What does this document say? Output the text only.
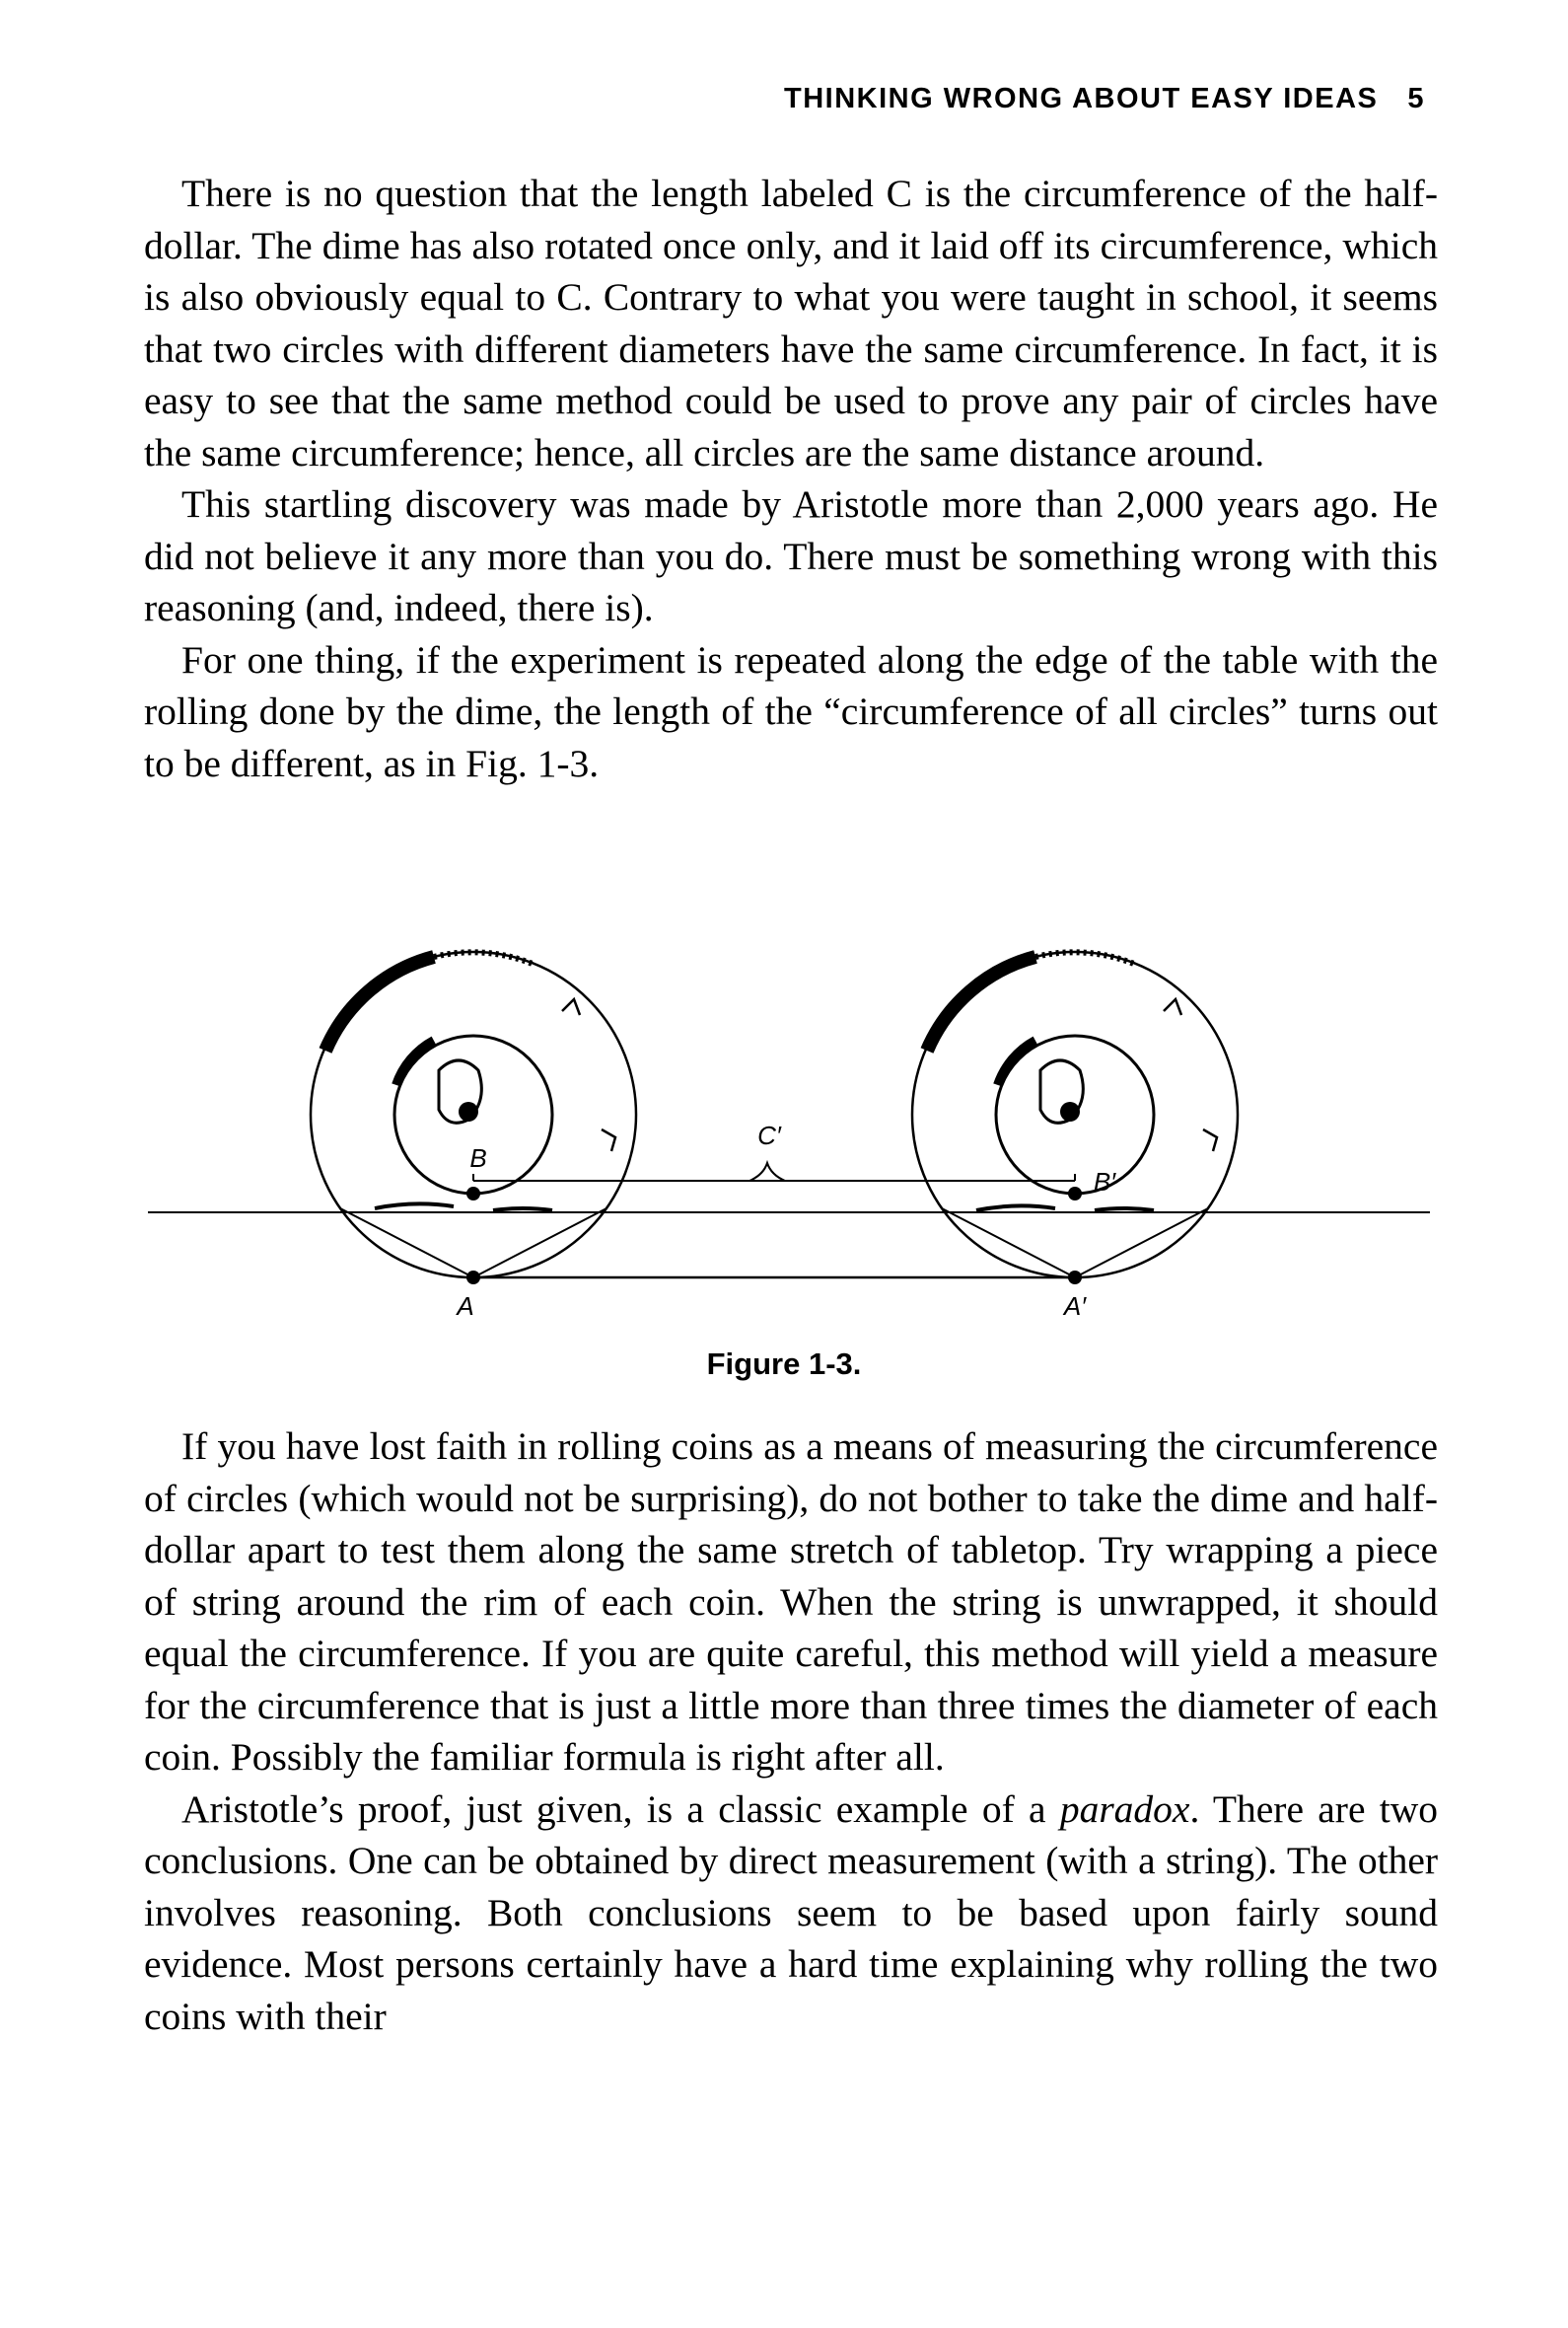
THINKING WRONG ABOUT EASY IDEAS 5

There is no question that the length labeled C is the circumference of the half-dollar. The dime has also rotated once only, and it laid off its circumference, which is also obviously equal to C. Contrary to what you were taught in school, it seems that two circles with different diameters have the same circumference. In fact, it is easy to see that the same method could be used to prove any pair of circles have the same circumference; hence, all circles are the same distance around.

This startling discovery was made by Aristotle more than 2,000 years ago. He did not believe it any more than you do. There must be something wrong with this reasoning (and, indeed, there is).

For one thing, if the experiment is repeated along the edge of the table with the rolling done by the dime, the length of the “circumference of all circles” turns out to be different, as in Fig. 1-3.

C′
A	A′
B
B′
Figure 1-3.

If you have lost faith in rolling coins as a means of measuring the circumference of circles (which would not be surprising), do not bother to take the dime and half-dollar apart to test them along the same stretch of tabletop. Try wrapping a piece of string around the rim of each coin. When the string is unwrapped, it should equal the circumference. If you are quite careful, this method will yield a measure for the circumference that is just a little more than three times the diameter of each coin. Possibly the familiar formula is right after all.

Aristotle’s proof, just given, is a classic example of a paradox. There are two conclusions. One can be obtained by direct measurement (with a string). The other involves reasoning. Both conclusions seem to be based upon fairly sound evidence. Most persons certainly have a hard time explaining why rolling the two coins with their
